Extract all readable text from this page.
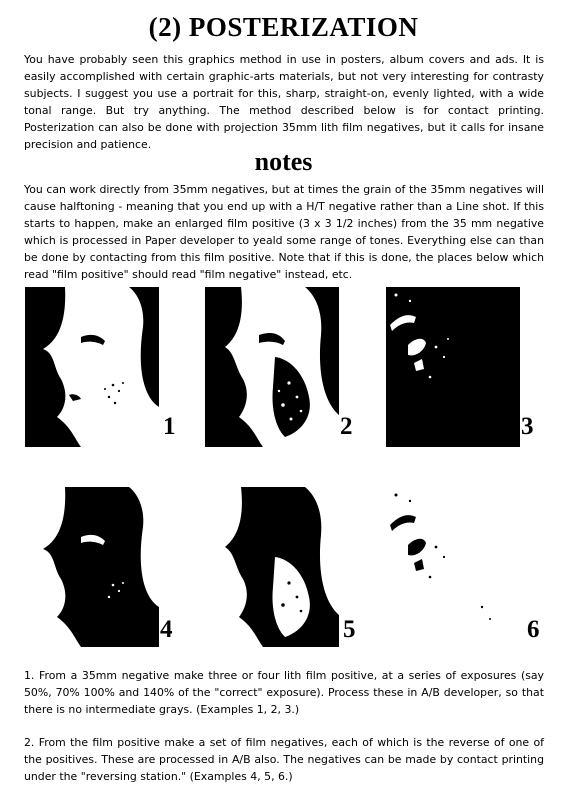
(2) POSTERIZATION

You have probably seen this graphics method in use in posters, album covers and ads. It is easily accomplished with certain graphic-arts materials, but not very interesting for contrasty subjects. I suggest you use a portrait for this, sharp, straight-on, evenly lighted, with a wide tonal range. But try anything. The method described below is for contact printing. Posterization can also be done with projection 35mm lith film negatives, but it calls for insane precision and patience.

notes

You can work directly from 35mm negatives, but at times the grain of the 35mm negatives will cause halftoning - meaning that you end up with a H/T negative rather than a Line shot. If this starts to happen, make an enlarged film positive (3 x 3 1/2 inches) from the 35 mm negative which is processed in Paper developer to yeald some range of tones. Everything else can than be done by contacting from this film positive. Note that if this is done, the places below which read "film positive" should read "film negative" instead, etc.

1	2	3
4	5	6

1. From a 35mm negative make three or four lith film positive, at a series of exposures (say 50%, 70% 100% and 140% of the "correct" exposure). Process these in A/B developer, so that there is no intermediate grays. (Examples 1, 2, 3.)

2. From the film positive make a set of film negatives, each of which is the reverse of one of the positives. These are processed in A/B also. The negatives can be made by contact printing under the "reversing station." (Examples 4, 5, 6.)
